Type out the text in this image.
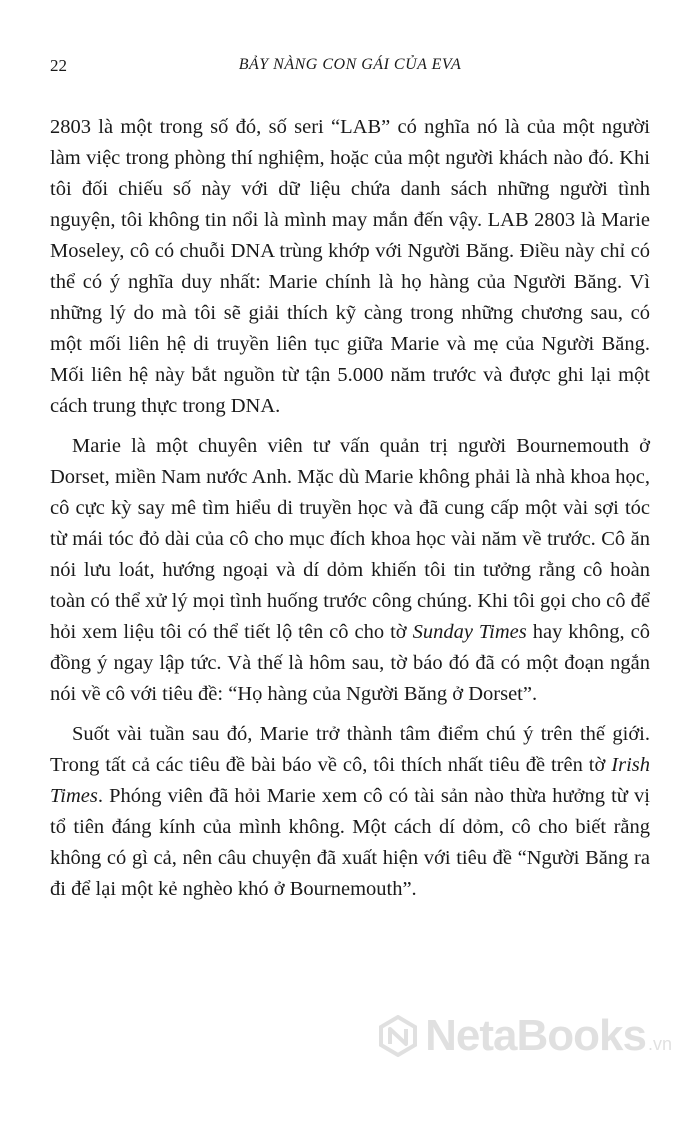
22	BẢY NÀNG CON GÁI CỦA EVA

2803 là một trong số đó, số seri “LAB” có nghĩa nó là của một người làm việc trong phòng thí nghiệm, hoặc của một người khách nào đó. Khi tôi đối chiếu số này với dữ liệu chứa danh sách những người tình nguyện, tôi không tin nổi là mình may mắn đến vậy. LAB 2803 là Marie Moseley, cô có chuỗi DNA trùng khớp với Người Băng. Điều này chỉ có thể có ý nghĩa duy nhất: Marie chính là họ hàng của Người Băng. Vì những lý do mà tôi sẽ giải thích kỹ càng trong những chương sau, có một mối liên hệ di truyền liên tục giữa Marie và mẹ của Người Băng. Mối liên hệ này bắt nguồn từ tận 5.000 năm trước và được ghi lại một cách trung thực trong DNA.

Marie là một chuyên viên tư vấn quản trị người Bournemouth ở Dorset, miền Nam nước Anh. Mặc dù Marie không phải là nhà khoa học, cô cực kỳ say mê tìm hiểu di truyền học và đã cung cấp một vài sợi tóc từ mái tóc đỏ dài của cô cho mục đích khoa học vài năm về trước. Cô ăn nói lưu loát, hướng ngoại và dí dỏm khiến tôi tin tưởng rằng cô hoàn toàn có thể xử lý mọi tình huống trước công chúng. Khi tôi gọi cho cô để hỏi xem liệu tôi có thể tiết lộ tên cô cho tờ Sunday Times hay không, cô đồng ý ngay lập tức. Và thế là hôm sau, tờ báo đó đã có một đoạn ngắn nói về cô với tiêu đề: “Họ hàng của Người Băng ở Dorset”.

Suốt vài tuần sau đó, Marie trở thành tâm điểm chú ý trên thế giới. Trong tất cả các tiêu đề bài báo về cô, tôi thích nhất tiêu đề trên tờ Irish Times. Phóng viên đã hỏi Marie xem cô có tài sản nào thừa hưởng từ vị tổ tiên đáng kính của mình không. Một cách dí dỏm, cô cho biết rằng không có gì cả, nên câu chuyện đã xuất hiện với tiêu đề “Người Băng ra đi để lại một kẻ nghèo khó ở Bournemouth”.

NetaBooks .vn
